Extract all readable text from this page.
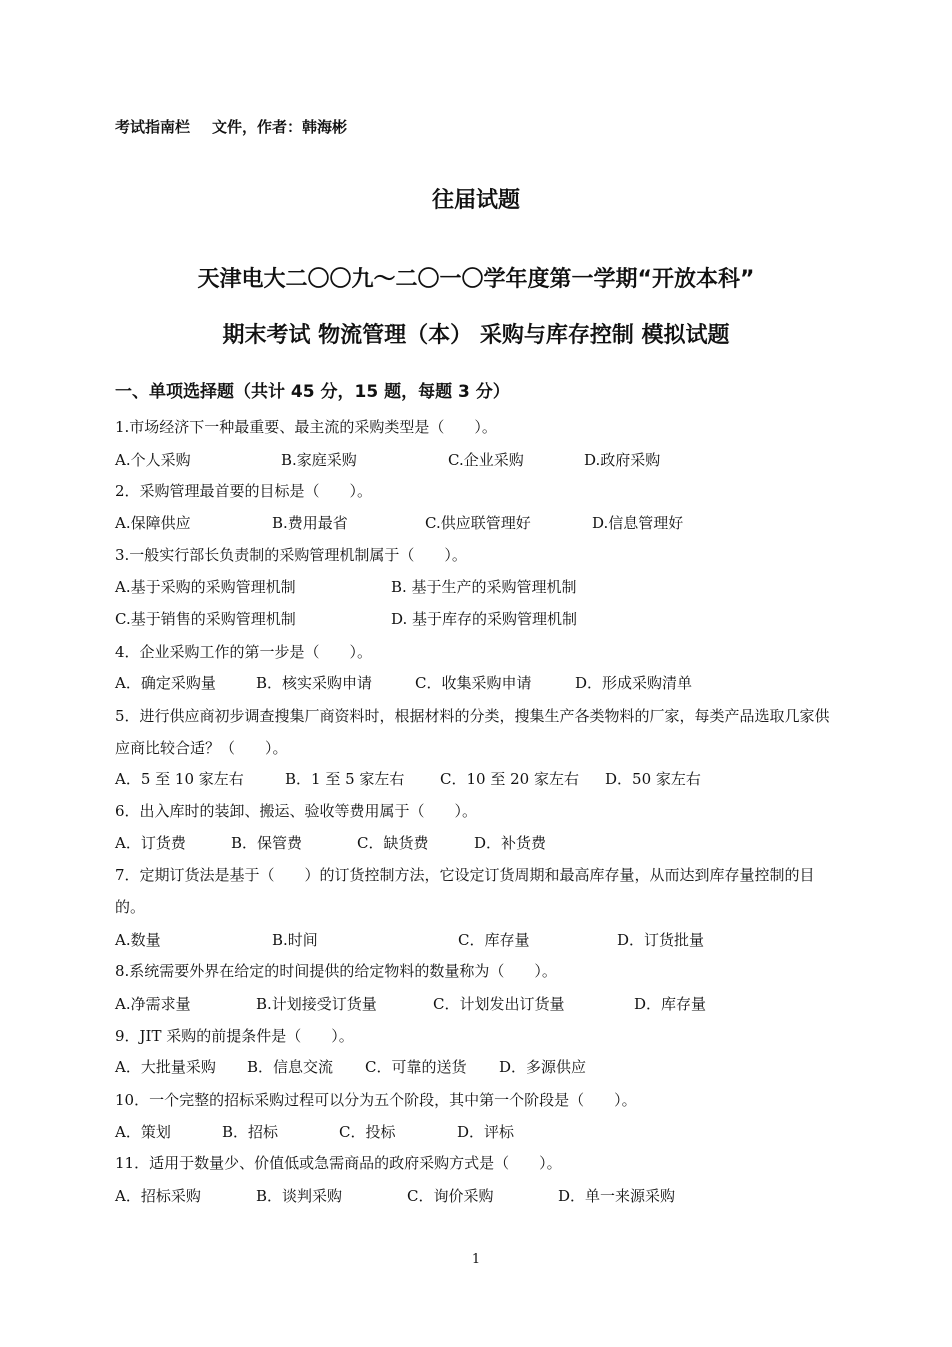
考试指南栏 文件，作者：韩海彬
往届试题
天津电大二〇〇九～二〇一〇学年度第一学期“开放本科”
期末考试 物流管理（本） 采购与库存控制 模拟试题
一、单项选择题（共计 45 分，15 题，每题 3 分）
1.市场经济下一种最重要、最主流的采购类型是（　　）。
A.个人采购	B.家庭采购	C.企业采购	D.政府采购
2．采购管理最首要的目标是（　　）。
A.保障供应	B.费用最省	C.供应联管理好	D.信息管理好
3.一般实行部长负责制的采购管理机制属于（　　）。
A.基于采购的采购管理机制	B. 基于生产的采购管理机制
C.基于销售的采购管理机制	D. 基于库存的采购管理机制
4．企业采购工作的第一步是（　　）。
A．确定采购量	B．核实采购申请	C．收集采购申请	D．形成采购清单
5．进行供应商初步调查搜集厂商资料时，根据材料的分类，搜集生产各类物料的厂家，每类产品选取几家供应商比较合适？（　　）。
A．5 至 10 家左右	B．1 至 5 家左右 C．10 至 20 家左右 D．50 家左右
6．出入库时的装卸、搬运、验收等费用属于（　　）。
A．订货费	B．保管费	C．缺货费	D．补货费
7．定期订货法是基于（　　）的订货控制方法，它设定订货周期和最高库存量，从而达到库存量控制的目的。
A.数量	B.时间	C．库存量	D．订货批量
8.系统需要外界在给定的时间提供的给定物料的数量称为（　　）。
A.净需求量	B.计划接受订货量	C．计划发出订货量	D．库存量
9．JIT 采购的前提条件是（　　）。
A．大批量采购 B．信息交流 C．可靠的送货 D．多源供应
10．一个完整的招标采购过程可以分为五个阶段，其中第一个阶段是（　　）。
A．策划	B．招标	C．投标	D．评标
11．适用于数量少、价值低或急需商品的政府采购方式是（　　）。
A．招标采购	B．谈判采购	C．询价采购	D．单一来源采购
1
